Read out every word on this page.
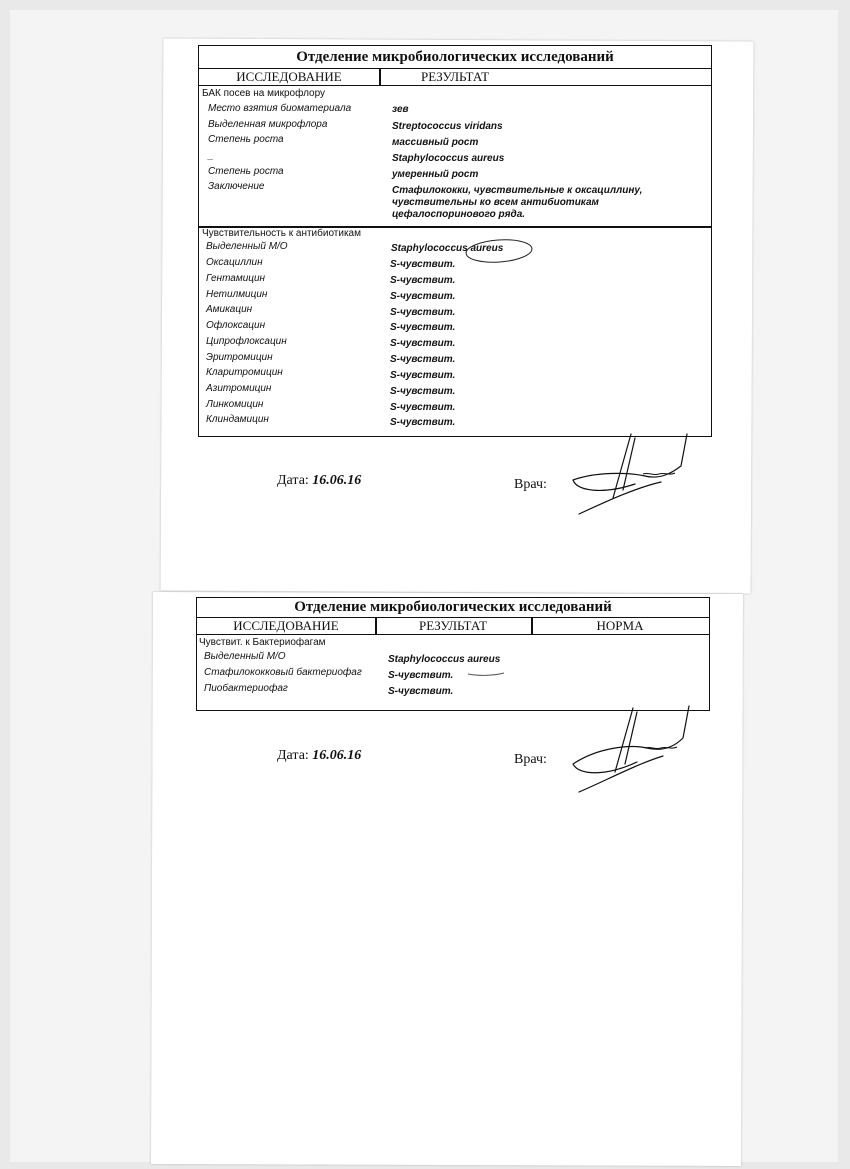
Отделение микробиологических исследований
ИССЛЕДОВАНИЕ	РЕЗУЛЬТАТ
БАК посев на микрофлору
Место взятия биоматериала	зев
Выделенная микрофлора	Streptococcus viridans
Степень роста	массивный рост
_	Staphylococcus aureus
Степень роста	умеренный рост
Заключение	Стафилококки, чувствительные к оксациллину,
чувствительны ко всем антибиотикам
цефалоспоринового ряда.
Чувствительность к антибиотикам
Выделенный М/О	Staphylococcus aureus
Оксациллин	S-чувствит.
Гентамицин	S-чувствит.
Нетилмицин	S-чувствит.
Амикацин	S-чувствит.
Офлоксацин	S-чувствит.
Ципрофлоксацин	S-чувствит.
Эритромицин	S-чувствит.
Кларитромицин	S-чувствит.
Азитромицин	S-чувствит.
Линкомицин	S-чувствит.
Клиндамицин	S-чувствит.
Дата: 16.06.16	Врач:
Отделение микробиологических исследований
ИССЛЕДОВАНИЕ	РЕЗУЛЬТАТ	НОРМА
Чувствит. к Бактериофагам
Выделенный М/О	Staphylococcus aureus
Стафилококковый бактериофаг	S-чувствит.
Пиобактериофаг	S-чувствит.
Дата: 16.06.16	Врач:
